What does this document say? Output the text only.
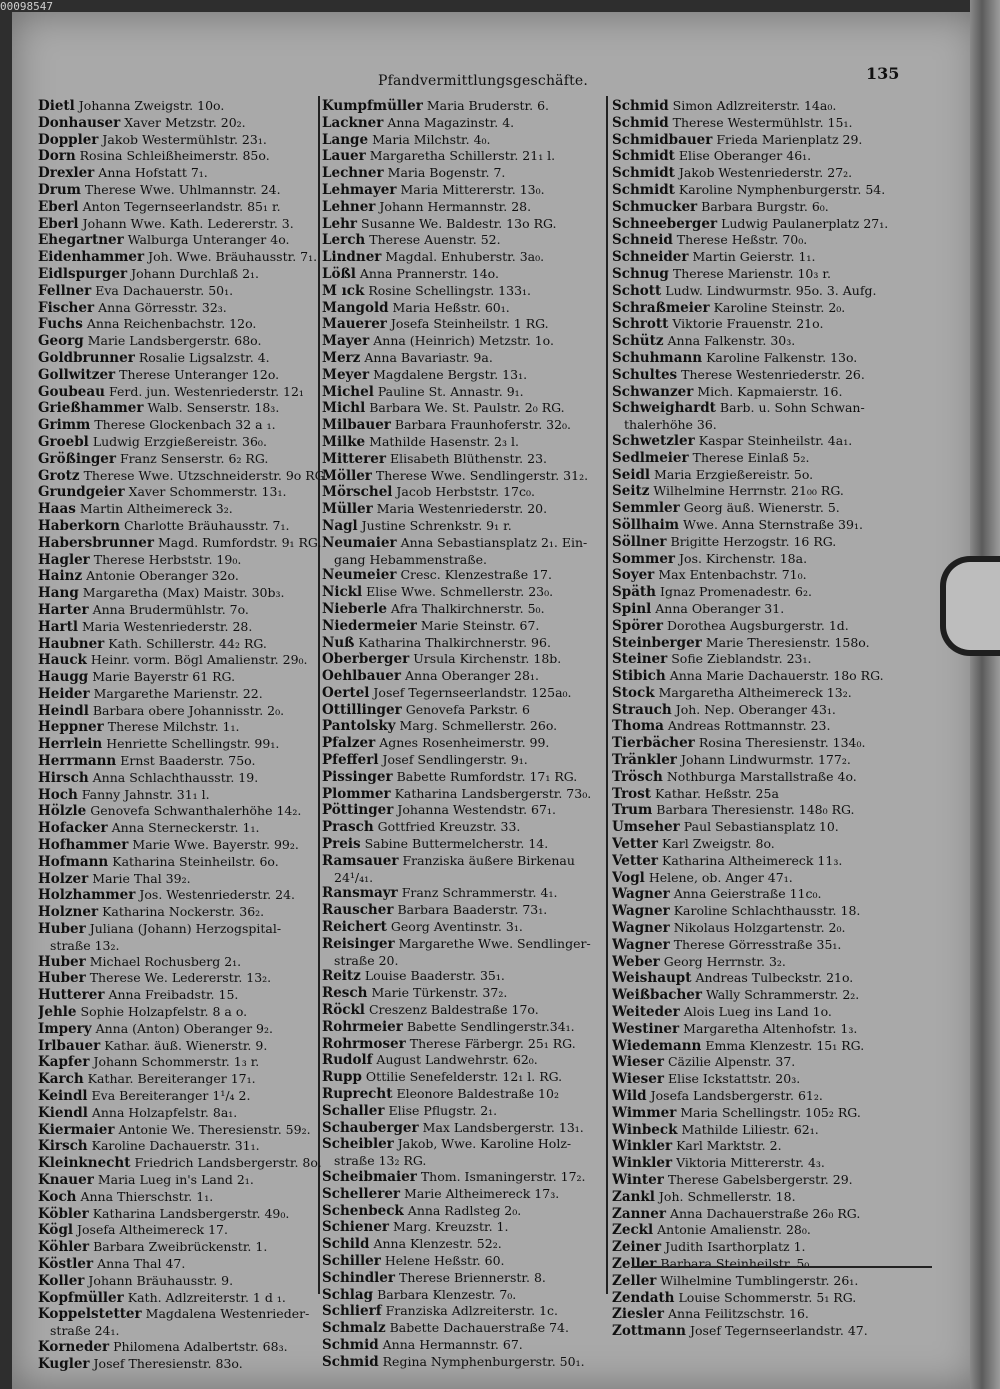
00098547
Pfandvermittlungsgeschäfte.	135
Dietl Johanna Zweigstr. 10o.
Donhauser Xaver Metzstr. 20₂.
Doppler Jakob Westermühlstr. 23₁.
Dorn Rosina Schleißheimerstr. 85o.
Drexler Anna Hofstatt 7₁.
Drum Therese Wwe. Uhlmannstr. 24.
Eberl Anton Tegernseerlandstr. 85₁ r.
Eberl Johann Wwe. Kath. Ledererstr. 3.
Ehegartner Walburga Unteranger 4o.
Eidenhammer Joh. Wwe. Bräuhausstr. 7₁.
Eidlspurger Johann Durchlaß 2₁.
Fellner Eva Dachauerstr. 50₁.
Fischer Anna Görresstr. 32₃.
Fuchs Anna Reichenbachstr. 12o.
Georg Marie Landsbergerstr. 68o.
Goldbrunner Rosalie Ligsalzstr. 4.
Gollwitzer Therese Unteranger 12o.
Goubeau Ferd. jun. Westenriederstr. 12₁
Grießhammer Walb. Senserstr. 18₃.
Grimm Therese Glockenbach 32 a ₁.
Groebl Ludwig Erzgießereistr. 36₀.
Größinger Franz Senserstr. 6₂ RG.
Grotz Therese Wwe. Utzschneiderstr. 9o RG.
Grundgeier Xaver Schommerstr. 13₁.
Haas Martin Altheimereck 3₂.
Haberkorn Charlotte Bräuhausstr. 7₁.
Habersbrunner Magd. Rumfordstr. 9₁ RG.
Hagler Therese Herbststr. 19₀.
Hainz Antonie Oberanger 32o.
Hang Margaretha (Max) Maistr. 30b₃.
Harter Anna Brudermühlstr. 7o.
Hartl Maria Westenriederstr. 28.
Haubner Kath. Schillerstr. 44₂ RG.
Hauck Heinr. vorm. Bögl Amalienstr. 29₀.
Haugg Marie Bayerstr 61 RG.
Heider Margarethe Marienstr. 22.
Heindl Barbara obere Johannisstr. 2₀.
Heppner Therese Milchstr. 1₁.
Herrlein Henriette Schellingstr. 99₁.
Herrmann Ernst Baaderstr. 75o.
Hirsch Anna Schlachthausstr. 19.
Hoch Fanny Jahnstr. 31₁ l.
Hölzle Genovefa Schwanthalerhöhe 14₂.
Hofacker Anna Sterneckerstr. 1₁.
Hofhammer Marie Wwe. Bayerstr. 99₂.
Hofmann Katharina Steinheilstr. 6o.
Holzer Marie Thal 39₂.
Holzhammer Jos. Westenriederstr. 24.
Holzner Katharina Nockerstr. 36₂.
Huber Juliana (Johann) Herzogspital-
straße 13₂.
Huber Michael Rochusberg 2₁.
Huber Therese We. Ledererstr. 13₂.
Hutterer Anna Freibadstr. 15.
Jehle Sophie Holzapfelstr. 8 a o.
Impery Anna (Anton) Oberanger 9₂.
Irlbauer Kathar. äuß. Wienerstr. 9.
Kapfer Johann Schommerstr. 1₃ r.
Karch Kathar. Bereiteranger 17₁.
Keindl Eva Bereiteranger 1¹/₄ 2.
Kiendl Anna Holzapfelstr. 8a₁.
Kiermaier Antonie We. Theresienstr. 59₂.
Kirsch Karoline Dachauerstr. 31₁.
Kleinknecht Friedrich Landsbergerstr. 8o.
Knauer Maria Lueg in's Land 2₁.
Koch Anna Thierschstr. 1₁.
Köbler Katharina Landsbergerstr. 49₀.
Kögl Josefa Altheimereck 17.
Köhler Barbara Zweibrückenstr. 1.
Köstler Anna Thal 47.
Koller Johann Bräuhausstr. 9.
Kopfmüller Kath. Adlzreiterstr. 1 d ₁.
Koppelstetter Magdalena Westenrieder-
straße 24₁.
Korneder Philomena Adalbertstr. 68₃.
Kugler Josef Theresienstr. 83o.
Kumpfmüller Maria Bruderstr. 6.
Lackner Anna Magazinstr. 4.
Lange Maria Milchstr. 4₀.
Lauer Margaretha Schillerstr. 21₁ l.
Lechner Maria Bogenstr. 7.
Lehmayer Maria Mittererstr. 13₀.
Lehner Johann Hermannstr. 28.
Lehr Susanne We. Baldestr. 13o RG.
Lerch Therese Auenstr. 52.
Lindner Magdal. Enhuberstr. 3a₀.
Lößl Anna Prannerstr. 14o.
M ıck Rosine Schellingstr. 133₁.
Mangold Maria Heßstr. 60₁.
Mauerer Josefa Steinheilstr. 1 RG.
Mayer Anna (Heinrich) Metzstr. 1o.
Merz Anna Bavariastr. 9a.
Meyer Magdalene Bergstr. 13₁.
Michel Pauline St. Annastr. 9₁.
Michl Barbara We. St. Paulstr. 2₀ RG.
Milbauer Barbara Fraunhoferstr. 32₀.
Milke Mathilde Hasenstr. 2₃ l.
Mitterer Elisabeth Blüthenstr. 23.
Möller Therese Wwe. Sendlingerstr. 31₂.
Mörschel Jacob Herbststr. 17c₀.
Müller Maria Westenriederstr. 20.
Nagl Justine Schrenkstr. 9₁ r.
Neumaier Anna Sebastiansplatz 2₁. Ein-
gang Hebammenstraße.
Neumeier Cresc. Klenzestraße 17.
Nickl Elise Wwe. Schmellerstr. 23₀.
Nieberle Afra Thalkirchnerstr. 5₀.
Niedermeier Marie Steinstr. 67.
Nuß Katharina Thalkirchnerstr. 96.
Oberberger Ursula Kirchenstr. 18b.
Oehlbauer Anna Oberanger 28₁.
Oertel Josef Tegernseerlandstr. 125a₀.
Ottillinger Genovefa Parkstr. 6
Pantolsky Marg. Schmellerstr. 26o.
Pfalzer Agnes Rosenheimerstr. 99.
Pfefferl Josef Sendlingerstr. 9₁.
Pissinger Babette Rumfordstr. 17₁ RG.
Plommer Katharina Landsbergerstr. 73₀.
Pöttinger Johanna Westendstr. 67₁.
Prasch Gottfried Kreuzstr. 33.
Preis Sabine Buttermelcherstr. 14.
Ramsauer Franziska äußere Birkenau
24¹/₄₁.
Ransmayr Franz Schrammerstr. 4₁.
Rauscher Barbara Baaderstr. 73₁.
Reichert Georg Aventinstr. 3₁.
Reisinger Margarethe Wwe. Sendlinger-
straße 20.
Reitz Louise Baaderstr. 35₁.
Resch Marie Türkenstr. 37₂.
Röckl Creszenz Baldestraße 17o.
Rohrmeier Babette Sendlingerstr.34₁.
Rohrmoser Therese Färbergr. 25₁ RG.
Rudolf August Landwehrstr. 62₀.
Rupp Ottilie Senefelderstr. 12₁ l. RG.
Ruprecht Eleonore Baldestraße 10₂
Schaller Elise Pflugstr. 2₁.
Schauberger Max Landsbergerstr. 13₁.
Scheibler Jakob, Wwe. Karoline Holz-
straße 13₂ RG.
Scheibmaier Thom. Ismaningerstr. 17₂.
Schellerer Marie Altheimereck 17₃.
Schenbeck Anna Radlsteg 2₀.
Schiener Marg. Kreuzstr. 1.
Schild Anna Klenzestr. 52₂.
Schiller Helene Heßstr. 60.
Schindler Therese Briennerstr. 8.
Schlag Barbara Klenzestr. 7₀.
Schlierf Franziska Adlzreiterstr. 1c.
Schmalz Babette Dachauerstraße 74.
Schmid Anna Hermannstr. 67.
Schmid Regina Nymphenburgerstr. 50₁.
Schmid Simon Adlzreiterstr. 14a₀.
Schmid Therese Westermühlstr. 15₁.
Schmidbauer Frieda Marienplatz 29.
Schmidt Elise Oberanger 46₁.
Schmidt Jakob Westenriederstr. 27₂.
Schmidt Karoline Nymphenburgerstr. 54.
Schmucker Barbara Burgstr. 6₀.
Schneeberger Ludwig Paulanerplatz 27₁.
Schneid Therese Heßstr. 70₀.
Schneider Martin Geierstr. 1₁.
Schnug Therese Marienstr. 10₃ r.
Schott Ludw. Lindwurmstr. 95o. 3. Aufg.
Schraßmeier Karoline Steinstr. 2₀.
Schrott Viktorie Frauenstr. 21o.
Schütz Anna Falkenstr. 30₃.
Schuhmann Karoline Falkenstr. 13o.
Schultes Therese Westenriederstr. 26.
Schwanzer Mich. Kapmaierstr. 16.
Schweighardt Barb. u. Sohn Schwan-
thalerhöhe 36.
Schwetzler Kaspar Steinheilstr. 4a₁.
Sedlmeier Therese Einlaß 5₂.
Seidl Maria Erzgießereistr. 5o.
Seitz Wilhelmine Herrnstr. 21₀₀ RG.
Semmler Georg äuß. Wienerstr. 5.
Söllhaim Wwe. Anna Sternstraße 39₁.
Söllner Brigitte Herzogstr. 16 RG.
Sommer Jos. Kirchenstr. 18a.
Soyer Max Entenbachstr. 71₀.
Späth Ignaz Promenadestr. 6₂.
Spinl Anna Oberanger 31.
Spörer Dorothea Augsburgerstr. 1d.
Steinberger Marie Theresienstr. 158o.
Steiner Sofie Zieblandstr. 23₁.
Stibich Anna Marie Dachauerstr. 18o RG.
Stock Margaretha Altheimereck 13₂.
Strauch Joh. Nep. Oberanger 43₁.
Thoma Andreas Rottmannstr. 23.
Tierbächer Rosina Theresienstr. 134₀.
Tränkler Johann Lindwurmstr. 177₂.
Trösch Nothburga Marstallstraße 4o.
Trost Kathar. Heßstr. 25a
Trum Barbara Theresienstr. 148₀ RG.
Umseher Paul Sebastiansplatz 10.
Vetter Karl Zweigstr. 8o.
Vetter Katharina Altheimereck 11₃.
Vogl Helene, ob. Anger 47₁.
Wagner Anna Geierstraße 11c₀.
Wagner Karoline Schlachthausstr. 18.
Wagner Nikolaus Holzgartenstr. 2₀.
Wagner Therese Görresstraße 35₁.
Weber Georg Herrnstr. 3₂.
Weishaupt Andreas Tulbeckstr. 21o.
Weißbacher Wally Schrammerstr. 2₂.
Weiteder Alois Lueg ins Land 1o.
Westiner Margaretha Altenhofstr. 1₃.
Wiedemann Emma Klenzestr. 15₁ RG.
Wieser Cäzilie Alpenstr. 37.
Wieser Elise Ickstattstr. 20₃.
Wild Josefa Landsbergerstr. 61₂.
Wimmer Maria Schellingstr. 105₂ RG.
Winbeck Mathilde Liliestr. 62₁.
Winkler Karl Marktstr. 2.
Winkler Viktoria Mittererstr. 4₃.
Winter Therese Gabelsbergerstr. 29.
Zankl Joh. Schmellerstr. 18.
Zanner Anna Dachauerstraße 26₀ RG.
Zeckl Antonie Amalienstr. 28₀.
Zeiner Judith Isarthorplatz 1.
Zeller Barbara Steinheilstr. 5₀.
Zeller Wilhelmine Tumblingerstr. 26₁.
Zendath Louise Schommerstr. 5₁ RG.
Ziesler Anna Feilitzschstr. 16.
Zottmann Josef Tegernseerlandstr. 47.
